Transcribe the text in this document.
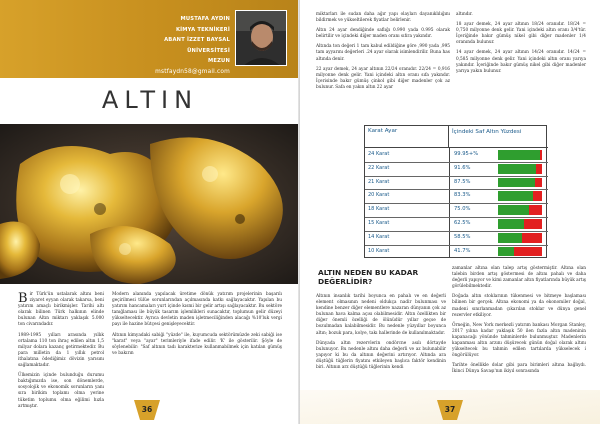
MUSTAFA AYDIN
KİMYA TEKNİKERİ
ABANT İZZET BAYSAL ÜNİVERSİTESİ
MEZUN
mstfaydn58@gmail.com
ALTIN

Bir Türk'ün ustalarak altını beni ziyaret eyyan olarak takarsa, beni yatırım amaçlı birikmişler. Tarihi altı olarak bilinen Türk halkının elinde bulunan Altın miktarı yaklaşık 5.000 ton civarındadır.

1989-1995 yılları arasında yıllık ortalama 110 ton ihraç edilen altın 1,5 milyar dolara kazanç getirmektedir. Bu para milletin da 1 yıllık petrol ithalatına ödediğimiz dövizin yarısını sağlamaktadır.

Ülkemizin içinde bulunduğu durumu baktığımızda ise, son dönemlerde, sosyolojik ve ekonomik sorunların yanı sıra birikim toplamı olma yerine tüketim toplumu olma eğilimi hızla artmıştır.

Modern alanında yapılacak üretime dönük yatırım projelerinin başarılı geçirilmesi tülüe sorunlarından açılmasında katkı sağlayacaktır. Yapılan bu yatırım hancamaları yurt içinde kısmi bir gelir artışı sağlayacaktır. Bu sektöre tanığlaması ile büyük tasarım işlemlikleri sunacaktır, toplumun gelir düzeyi yükseltecektir. Ayrıca devletin maden işletmeciliğinden alacağı %10'luk vergi payı ile hazine bütçesi genişleyecektir.

Altının kimyadaki sabiği "yüzde" ile, kuyumcuda sektörümüzde zeki sabiği ise "karat" veya "ayar" terimleriyle ifade edilir. 'K' ile gösterilir. Şöyle de söylenebilir: "Saf altının tadı karakterize kullanmabilmek için katılan gümüş ve bakırın

36

miktarları ile sudan daha ağır yapı olayları dayanıklılığını bildirmek ve yükseltilerek fiyatlar belirlenir.

Altın 24 ayar dendiğinde saflığı 0.990 yada 0.995 olarak belirtilir ve içindeki diğer maden oranı sıfıra yakındır.

Altında ton değeri 1 tam kabul edildiğine göre ,990 yada ,995 tam ayyarını değerleri .24 ayar olarak isimlendirilir. Buna has altında denir.

22 ayar demek, 24 ayar altının 22/24 oranıdır. 22/24 = 0,916 milyonne denk gelir. Yani içindeki altın oranı sıfa yakındır. İçerisinde bakır gümüş çinkol gibi diğer madenler çok az bulunur. Safa en yakın altın 22 ayar

altındır.

18 ayar demek, 24 ayar altının 18/24 oranıdır. 18/24 = 0,750 milyonne denk gelir. Yani içindeki altın oranı 3/4'tür. İçeriğinde bakır gümüş nikel gibi diğer madenler 1/4 oranında bulunur.

14 ayar demek, 24 ayar altının 14/24 oranıdır. 14/24 = 0,585 milyonne denk gelir. Yani içindeki altın oranı yarıya yakındır. İçeriğinde bakır gümüş nikel gibi diğer madenler yarıya yakın bulunur.

Karat Ayar	İçindeki Saf Altın Yüzdesi
24 Karat	99.95+%
22 Karat	91.6%
21 Karat	87.5%
20 Karat	83.3%
18 Karat	75.0%
15 Karat	62.5%
14 Karat	58.5%
10 Karat	41.7%
ALTIN NEDEN BU KADAR DEĞERLİDİR?

Altının insanlık tarihi boyunca en pahalı ve en değerli element olmasının nedeni oldukça nadir bulunması ve kendine benzer diğer elementlere nazaran dünyanın çok az bulunan hava kalma açısı olabilmesidir. Altın özellikten bir diğer önemli özelliği de ölünüdür yıllar geçse de bozulmadan kalabilmesidir. Bu nedenle yüzyıllar boyunca altın; bozuk para, kolye, takı hallerinde de kullanılmaktadır.

Dünyada altın rezervlerin ondörcne asılı dörtayde bulunuyor. Bu nedenle altını daha değerli ve az bulunabilir yapıyor ki bu da altının değerini artırıyor. Altında ara düştüğü tüğlerin fiyatını etkileyen başlıca faktör kendinin biri. Altının arz düştüğü tüğlerinin kendi

zamanlar altına olan talep artış göstermiştir. Altına olan talebin birden artış göstermesi de altını pahalı ve daha değerli yapıyor ve kimi zamanlar altın fiyatlarında büyük artış görülebilmektedir.

Doğada altın stoklarının tükenmesi ve bitmeye başlaması bilinen bir gerçek. Altına ekonomi ya da ekonomiler doğal, madeni sınırlanmadan çıkarılan stoklar ve dünya genel rezervler etkiliyor.

Örneğin, New York merkezli yatırım bankası Morgan Stanley, 2017 yılına kadar yaklaşık 50 ilen fazla altın madeninin kapanacağı yönünde tahminlerde bulunmuştur. Madenlerin kapanması altın arzını düşürecek günün doğal olarak altını yükseltecek bu tahmin edilen tartılarda yükselecek i öngörülüyor.

Tarihte önellikle dolar gibi para birimleri altına bağlıydı. İkinci Dünya Savaşı'nın ikiyıl sonrasında

37
